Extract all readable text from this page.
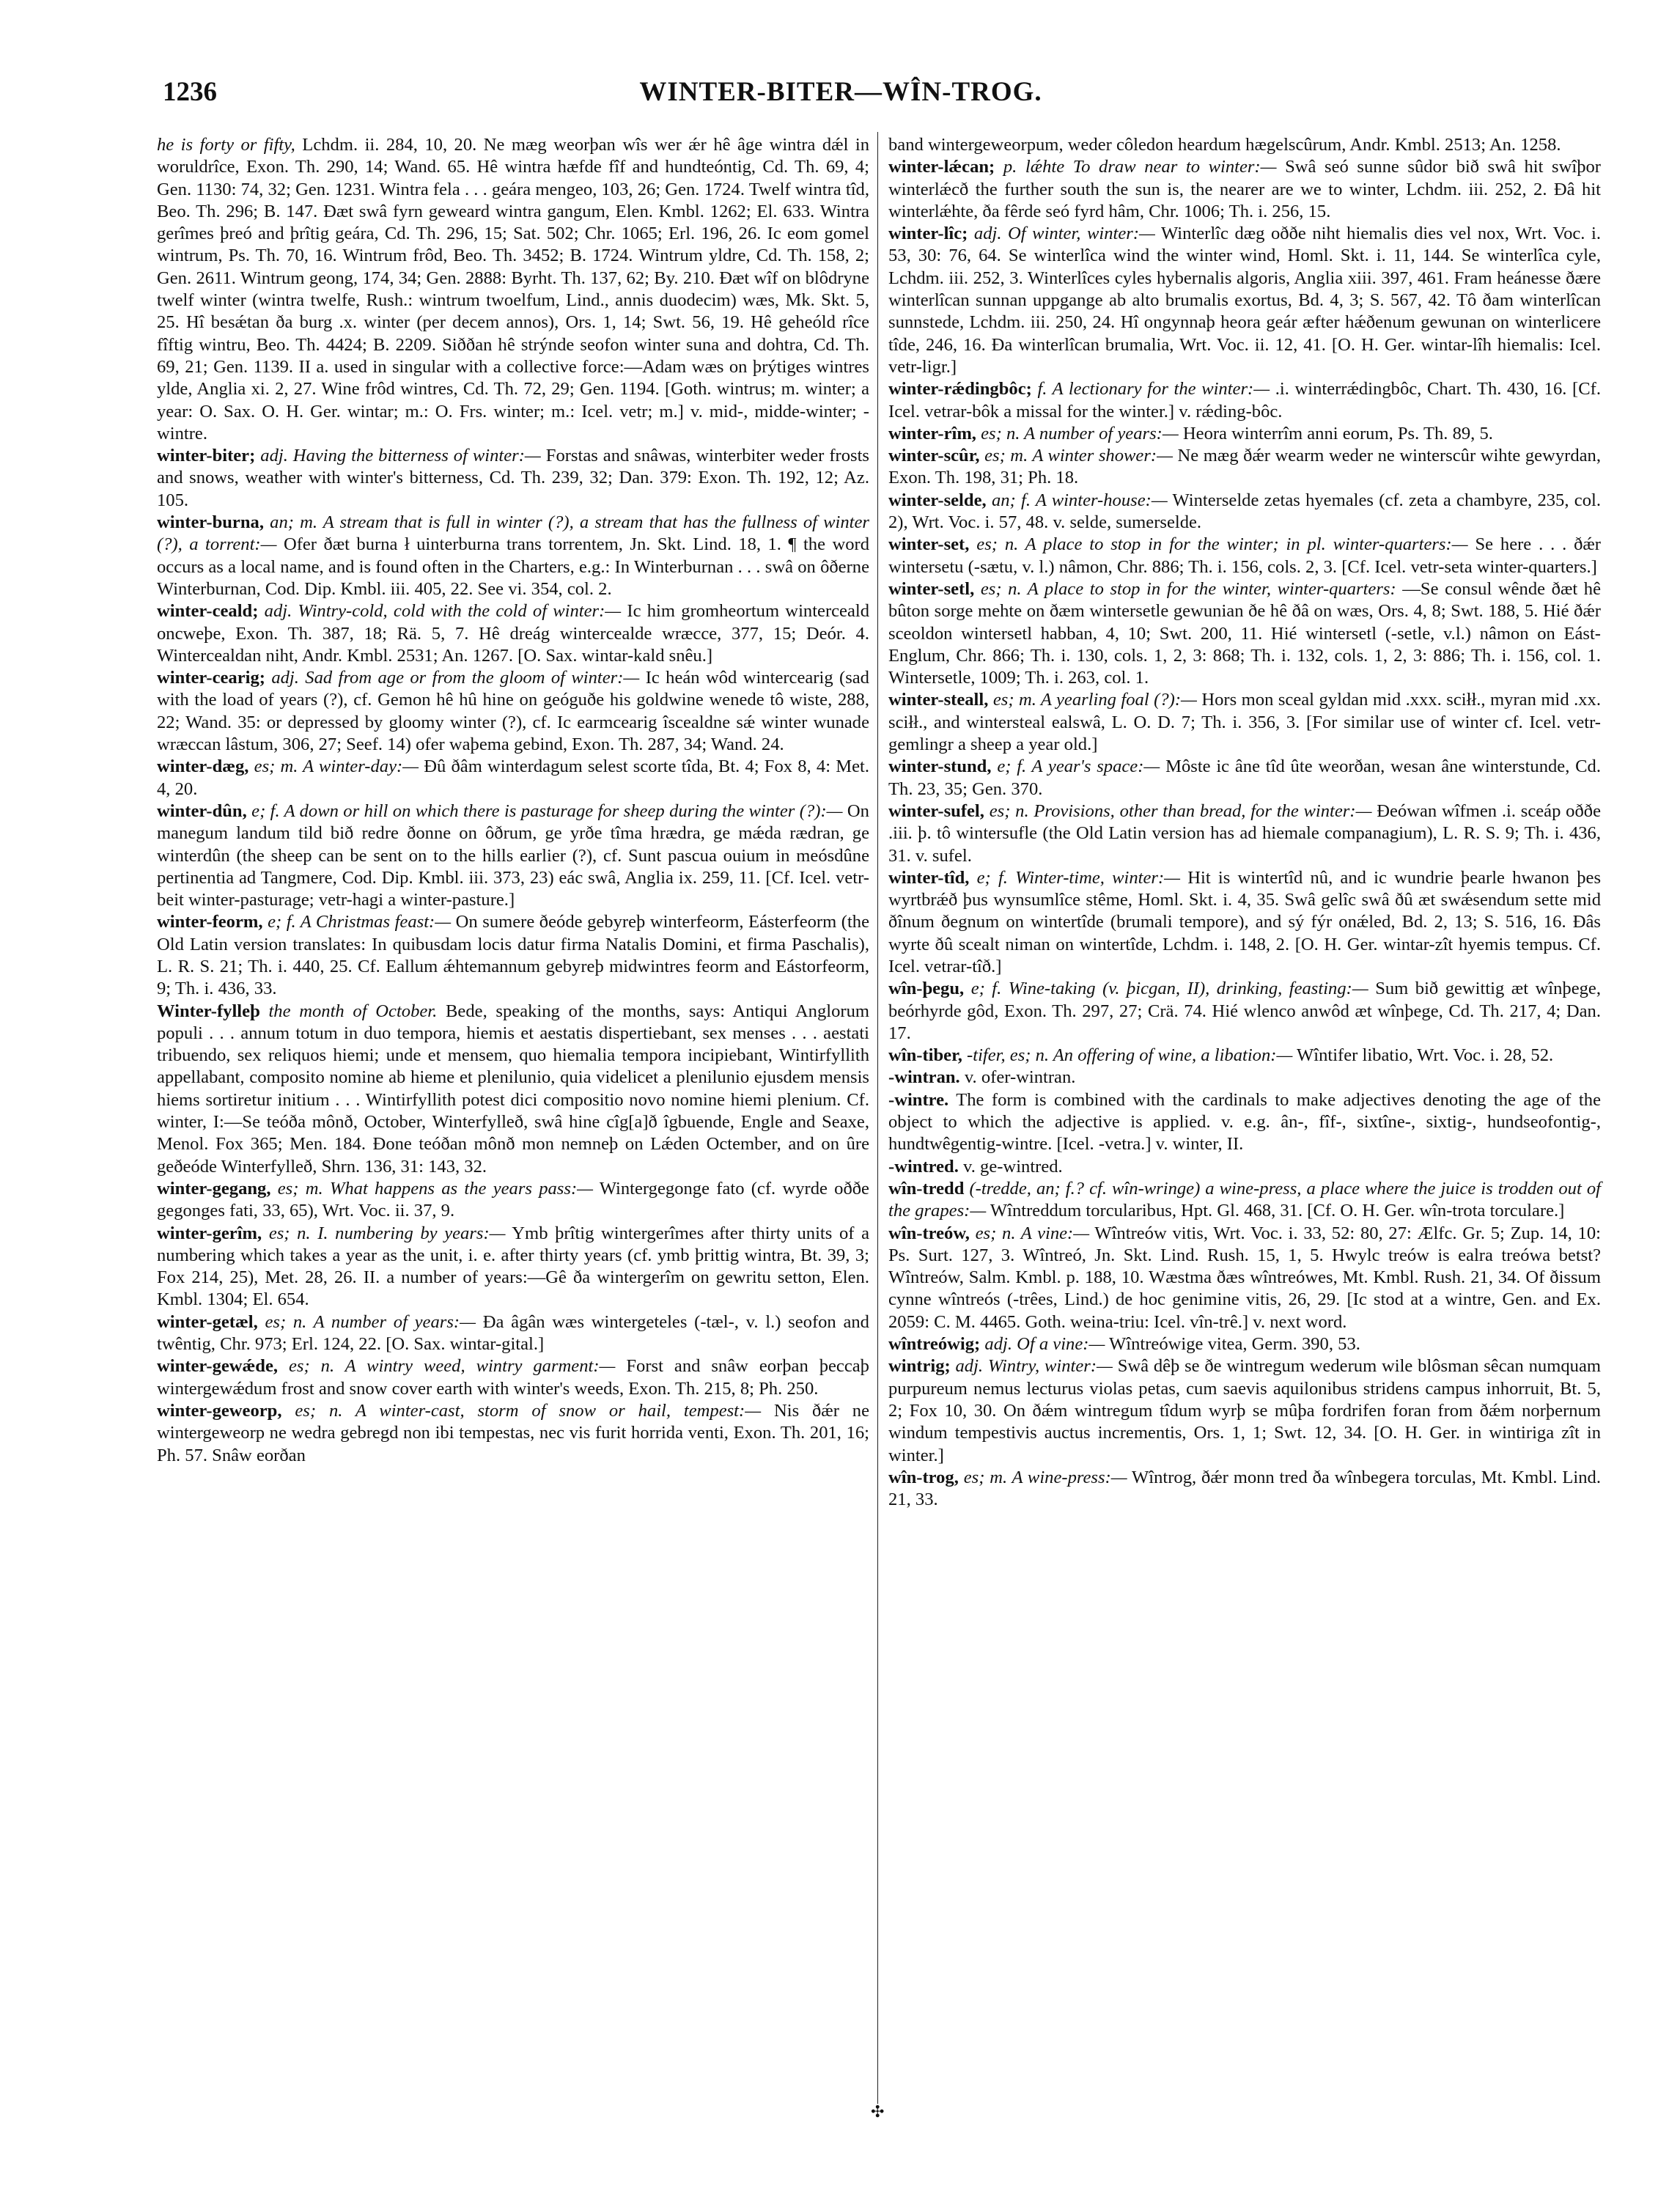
1236	WINTER-BITER—WÎN-TROG.

he is forty or fifty, Lchdm. ii. 284, 10, 20. Ne mæg weorþan wîs wer ǽr hê âge wintra dǽl in woruldrîce, Exon. Th. 290, 14; Wand. 65. Hê wintra hæfde fîf and hundteóntig, Cd. Th. 69, 4; Gen. 1130: 74, 32; Gen. 1231. Wintra fela . . . geára mengeo, 103, 26; Gen. 1724. Twelf wintra tîd, Beo. Th. 296; B. 147. Ðæt swâ fyrn geweard wintra gangum, Elen. Kmbl. 1262; El. 633. Wintra gerîmes þreó and þrîtig geára, Cd. Th. 296, 15; Sat. 502; Chr. 1065; Erl. 196, 26. Ic eom gomel wintrum, Ps. Th. 70, 16. Wintrum frôd, Beo. Th. 3452; B. 1724. Wintrum yldre, Cd. Th. 158, 2; Gen. 2611. Wintrum geong, 174, 34; Gen. 2888: Byrht. Th. 137, 62; By. 210. Ðæt wîf on blôdryne twelf winter (wintra twelfe, Rush.: wintrum twoelfum, Lind., annis duodecim) wæs, Mk. Skt. 5, 25. Hî besǽtan ða burg .x. winter (per decem annos), Ors. 1, 14; Swt. 56, 19. Hê geheóld rîce fîftig wintru, Beo. Th. 4424; B. 2209. Siððan hê strýnde seofon winter suna and dohtra, Cd. Th. 69, 21; Gen. 1139. II a. used in singular with a collective force:—Adam wæs on þrýtiges wintres ylde, Anglia xi. 2, 27. Wine frôd wintres, Cd. Th. 72, 29; Gen. 1194. [Goth. wintrus; m. winter; a year: O. Sax. O. H. Ger. wintar; m.: O. Frs. winter; m.: Icel. vetr; m.] v. mid-, midde-winter; -wintre.

winter-biter; adj. Having the bitterness of winter:— Forstas and snâwas, winterbiter weder frosts and snows, weather with winter's bitterness, Cd. Th. 239, 32; Dan. 379: Exon. Th. 192, 12; Az. 105.

winter-burna, an; m. A stream that is full in winter (?), a stream that has the fullness of winter (?), a torrent:— Ofer ðæt burna ł uinterburna trans torrentem, Jn. Skt. Lind. 18, 1. ¶ the word occurs as a local name, and is found often in the Charters, e.g.: In Winterburnan . . . swâ on ôðerne Winterburnan, Cod. Dip. Kmbl. iii. 405, 22. See vi. 354, col. 2.

winter-ceald; adj. Wintry-cold, cold with the cold of winter:— Ic him gromheortum winterceald oncweþe, Exon. Th. 387, 18; Rä. 5, 7. Hê dreág wintercealde wræcce, 377, 15; Deór. 4. Wintercealdan niht, Andr. Kmbl. 2531; An. 1267. [O. Sax. wintar-kald snêu.]

winter-cearig; adj. Sad from age or from the gloom of winter:— Ic heán wôd wintercearig (sad with the load of years (?), cf. Gemon hê hû hine on geóguðe his goldwine wenede tô wiste, 288, 22; Wand. 35: or depressed by gloomy winter (?), cf. Ic earmcearig îscealdne sǽ winter wunade wræccan lâstum, 306, 27; Seef. 14) ofer waþema gebind, Exon. Th. 287, 34; Wand. 24.

winter-dæg, es; m. A winter-day:— Ðû ðâm winterdagum selest scorte tîda, Bt. 4; Fox 8, 4: Met. 4, 20.

winter-dûn, e; f. A down or hill on which there is pasturage for sheep during the winter (?):— On manegum landum tild bið redre ðonne on ôðrum, ge yrðe tîma hrædra, ge mǽda rædran, ge winterdûn (the sheep can be sent on to the hills earlier (?), cf. Sunt pascua ouium in meósdûne pertinentia ad Tangmere, Cod. Dip. Kmbl. iii. 373, 23) eác swâ, Anglia ix. 259, 11. [Cf. Icel. vetr-beit winter-pasturage; vetr-hagi a winter-pasture.]

winter-feorm, e; f. A Christmas feast:— On sumere ðeóde gebyreþ winterfeorm, Eásterfeorm (the Old Latin version translates: In quibusdam locis datur firma Natalis Domini, et firma Paschalis), L. R. S. 21; Th. i. 440, 25. Cf. Eallum ǽhtemannum gebyreþ midwintres feorm and Eástorfeorm, 9; Th. i. 436, 33.

Winter-fylleþ the month of October. Bede, speaking of the months, says: Antiqui Anglorum populi . . . annum totum in duo tempora, hiemis et aestatis dispertiebant, sex menses . . . aestati tribuendo, sex reliquos hiemi; unde et mensem, quo hiemalia tempora incipiebant, Wintirfyllith appellabant, composito nomine ab hieme et plenilunio, quia videlicet a plenilunio ejusdem mensis hiems sortiretur initium . . . Wintirfyllith potest dici compositio novo nomine hiemi plenium. Cf. winter, I:—Se teóða mônð, October, Winterfylleð, swâ hine cîg[a]ð îgbuende, Engle and Seaxe, Menol. Fox 365; Men. 184. Ðone teóðan mônð mon nemneþ on Lǽden Octember, and on ûre geðeóde Winterfylleð, Shrn. 136, 31: 143, 32.

winter-gegang, es; m. What happens as the years pass:— Wintergegonge fato (cf. wyrde oððe gegonges fati, 33, 65), Wrt. Voc. ii. 37, 9.

winter-gerîm, es; n. I. numbering by years:— Ymb þrîtig wintergerîmes after thirty units of a numbering which takes a year as the unit, i. e. after thirty years (cf. ymb þrittig wintra, Bt. 39, 3; Fox 214, 25), Met. 28, 26. II. a number of years:—Gê ða wintergerîm on gewritu setton, Elen. Kmbl. 1304; El. 654.

winter-getæl, es; n. A number of years:— Ða âgân wæs wintergeteles (-tæl-, v. l.) seofon and twêntig, Chr. 973; Erl. 124, 22. [O. Sax. wintar-gital.]

winter-gewǽde, es; n. A wintry weed, wintry garment:— Forst and snâw eorþan þeccaþ wintergewǽdum frost and snow cover earth with winter's weeds, Exon. Th. 215, 8; Ph. 250.

winter-geweorp, es; n. A winter-cast, storm of snow or hail, tempest:— Nis ðǽr ne wintergeweorp ne wedra gebregd non ibi tempestas, nec vis furit horrida venti, Exon. Th. 201, 16; Ph. 57. Snâw eorðan

band wintergeweorpum, weder côledon heardum hægelscûrum, Andr. Kmbl. 2513; An. 1258.

winter-lǽcan; p. lǽhte To draw near to winter:— Swâ seó sunne sûdor bið swâ hit swîþor winterlǽcð the further south the sun is, the nearer are we to winter, Lchdm. iii. 252, 2. Ðâ hit winterlǽhte, ða fêrde seó fyrd hâm, Chr. 1006; Th. i. 256, 15.

winter-lîc; adj. Of winter, winter:— Winterlîc dæg oððe niht hiemalis dies vel nox, Wrt. Voc. i. 53, 30: 76, 64. Se winterlîca wind the winter wind, Homl. Skt. i. 11, 144. Se winterlîca cyle, Lchdm. iii. 252, 3. Winterlîces cyles hybernalis algoris, Anglia xiii. 397, 461. Fram heánesse ðære winterlîcan sunnan uppgange ab alto brumalis exortus, Bd. 4, 3; S. 567, 42. Tô ðam winterlîcan sunnstede, Lchdm. iii. 250, 24. Hî ongynnaþ heora geár æfter hǽðenum gewunan on winterlicere tîde, 246, 16. Ða winterlîcan brumalia, Wrt. Voc. ii. 12, 41. [O. H. Ger. wintar-lîh hiemalis: Icel. vetr-ligr.]

winter-rǽdingbôc; f. A lectionary for the winter:— .i. winterrǽdingbôc, Chart. Th. 430, 16. [Cf. Icel. vetrar-bôk a missal for the winter.] v. rǽding-bôc.

winter-rîm, es; n. A number of years:— Heora winterrîm anni eorum, Ps. Th. 89, 5.

winter-scûr, es; m. A winter shower:— Ne mæg ðǽr wearm weder ne winterscûr wihte gewyrdan, Exon. Th. 198, 31; Ph. 18.

winter-selde, an; f. A winter-house:— Winterselde zetas hyemales (cf. zeta a chambyre, 235, col. 2), Wrt. Voc. i. 57, 48. v. selde, sumerselde.

winter-set, es; n. A place to stop in for the winter; in pl. winter-quarters:— Se here . . . ðǽr wintersetu (-sætu, v. l.) nâmon, Chr. 886; Th. i. 156, cols. 2, 3. [Cf. Icel. vetr-seta winter-quarters.]

winter-setl, es; n. A place to stop in for the winter, winter-quarters: —Se consul wênde ðæt hê bûton sorge mehte on ðæm wintersetle gewunian ðe hê ðâ on wæs, Ors. 4, 8; Swt. 188, 5. Hié ðǽr sceoldon wintersetl habban, 4, 10; Swt. 200, 11. Hié wintersetl (-setle, v.l.) nâmon on Eást-Englum, Chr. 866; Th. i. 130, cols. 1, 2, 3: 868; Th. i. 132, cols. 1, 2, 3: 886; Th. i. 156, col. 1. Wintersetle, 1009; Th. i. 263, col. 1.

winter-steall, es; m. A yearling foal (?):— Hors mon sceal gyldan mid .xxx. sciłł., myran mid .xx. sciłł., and wintersteal ealswâ, L. O. D. 7; Th. i. 356, 3. [For similar use of winter cf. Icel. vetr-gemlingr a sheep a year old.]

winter-stund, e; f. A year's space:— Môste ic âne tîd ûte weorðan, wesan âne winterstunde, Cd. Th. 23, 35; Gen. 370.

winter-sufel, es; n. Provisions, other than bread, for the winter:— Ðeówan wîfmen .i. sceáp oððe .iii. þ. tô wintersufle (the Old Latin version has ad hiemale companagium), L. R. S. 9; Th. i. 436, 31. v. sufel.

winter-tîd, e; f. Winter-time, winter:— Hit is wintertîd nû, and ic wundrie þearle hwanon þes wyrtbrǽð þus wynsumlîce stême, Homl. Skt. i. 4, 35. Swâ gelîc swâ ðû æt swǽsendum sette mid ðînum ðegnum on wintertîde (brumali tempore), and sý fýr onǽled, Bd. 2, 13; S. 516, 16. Ðâs wyrte ðû scealt niman on wintertîde, Lchdm. i. 148, 2. [O. H. Ger. wintar-zît hyemis tempus. Cf. Icel. vetrar-tîð.]

wîn-þegu, e; f. Wine-taking (v. þicgan, II), drinking, feasting:— Sum bið gewittig æt wînþege, beórhyrde gôd, Exon. Th. 297, 27; Crä. 74. Hié wlenco anwôd æt wînþege, Cd. Th. 217, 4; Dan. 17.

wîn-tiber, -tifer, es; n. An offering of wine, a libation:— Wîntifer libatio, Wrt. Voc. i. 28, 52.

-wintran. v. ofer-wintran.

-wintre. The form is combined with the cardinals to make adjectives denoting the age of the object to which the adjective is applied. v. e.g. ân-, fîf-, sixtîne-, sixtig-, hundseofontig-, hundtwêgentig-wintre. [Icel. -vetra.] v. winter, II.

-wintred. v. ge-wintred.

wîn-tredd (-tredde, an; f.? cf. wîn-wringe) a wine-press, a place where the juice is trodden out of the grapes:— Wîntreddum torcularibus, Hpt. Gl. 468, 31. [Cf. O. H. Ger. wîn-trota torculare.]

wîn-treów, es; n. A vine:— Wîntreów vitis, Wrt. Voc. i. 33, 52: 80, 27: Ælfc. Gr. 5; Zup. 14, 10: Ps. Surt. 127, 3. Wîntreó, Jn. Skt. Lind. Rush. 15, 1, 5. Hwylc treów is ealra treówa betst? Wîntreów, Salm. Kmbl. p. 188, 10. Wæstma ðæs wîntreówes, Mt. Kmbl. Rush. 21, 34. Of ðissum cynne wîntreós (-trêes, Lind.) de hoc genimine vitis, 26, 29. [Ic stod at a wintre, Gen. and Ex. 2059: C. M. 4465. Goth. weina-triu: Icel. vîn-trê.] v. next word.

wîntreówig; adj. Of a vine:— Wîntreówige vitea, Germ. 390, 53.

wintrig; adj. Wintry, winter:— Swâ dêþ se ðe wintregum wederum wile blôsman sêcan numquam purpureum nemus lecturus violas petas, cum saevis aquilonibus stridens campus inhorruit, Bt. 5, 2; Fox 10, 30. On ðǽm wintregum tîdum wyrþ se mûþa fordrifen foran from ðǽm norþernum windum tempestivis auctus incrementis, Ors. 1, 1; Swt. 12, 34. [O. H. Ger. in wintiriga zît in winter.]

wîn-trog, es; m. A wine-press:— Wîntrog, ðǽr monn tred ða wînbegera torculas, Mt. Kmbl. Lind. 21, 33.

✣
